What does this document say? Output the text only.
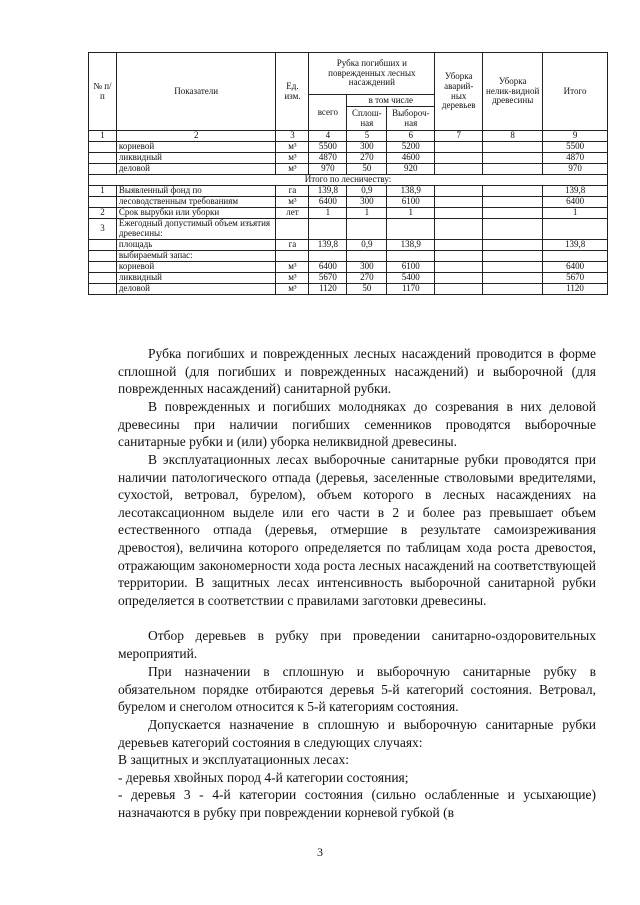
№ п/п	Показатели	Ед. изм.	Рубка погибших и поврежденных лесных насаждений			Уборка аварий-ных деревьев	Уборка нелик-видной древесины	Итого
			всего	в том числе				
				Сплош-ная	Выбороч-ная			
1	2	3	4	5	6	7	8	9
	корневой	м³	5500	300	5200			5500
	ликвидный	м³	4870	270	4600			4870
	деловой	м³	970	50	920			970
Итого по лесничеству:								
1	Выявленный фонд по	га	139,8	0,9	138,9			139,8
	лесоводственным требованиям	м³	6400	300	6100			6400
2	Срок вырубки или уборки	лет	1	1	1			1
3	Ежегодный допустимый объем изъятия древесины:							
	площадь	га	139,8	0,9	138,9			139,8
	выбираемый запас:							
	корневой	м³	6400	300	6100			6400
	ликвидный	м³	5670	270	5400			5670
	деловой	м³	1120	50	1170			1120

Рубка погибших и поврежденных лесных насаждений проводится в форме сплошной (для погибших и поврежденных насаждений) и выборочной (для поврежденных насаждений) санитарной рубки.

В поврежденных и погибших молодняках до созревания в них деловой древесины при наличии погибших семенников проводятся выборочные санитарные рубки и (или) уборка неликвидной древесины.

В эксплуатационных лесах выборочные санитарные рубки проводятся при наличии патологического отпада (деревья, заселенные стволовыми вредителями, сухостой, ветровал, бурелом), объем которого в лесных насаждениях на лесотаксационном выделе или его части в 2 и более раз превышает объем естественного отпада (деревья, отмершие в результате самоизреживания древостоя), величина которого определяется по таблицам хода роста древостоя, отражающим закономерности хода роста лесных насаждений на соответствующей территории. В защитных лесах интенсивность выборочной санитарной рубки определяется в соответствии с правилами заготовки древесины.

Отбор деревьев в рубку при проведении санитарно-оздоровительных мероприятий.

При назначении в сплошную и выборочную санитарные рубку в обязательном порядке отбираются деревья 5-й категорий состояния. Ветровал, бурелом и снеголом относится к 5-й категориям состояния.

Допускается назначение в сплошную и выборочную санитарные рубки деревьев категорий состояния в следующих случаях:

В защитных и эксплуатационных лесах:

- деревья хвойных пород 4-й категории состояния;

- деревья 3 - 4-й категории состояния (сильно ослабленные и усыхающие) назначаются в рубку при повреждении корневой губкой (в

3
